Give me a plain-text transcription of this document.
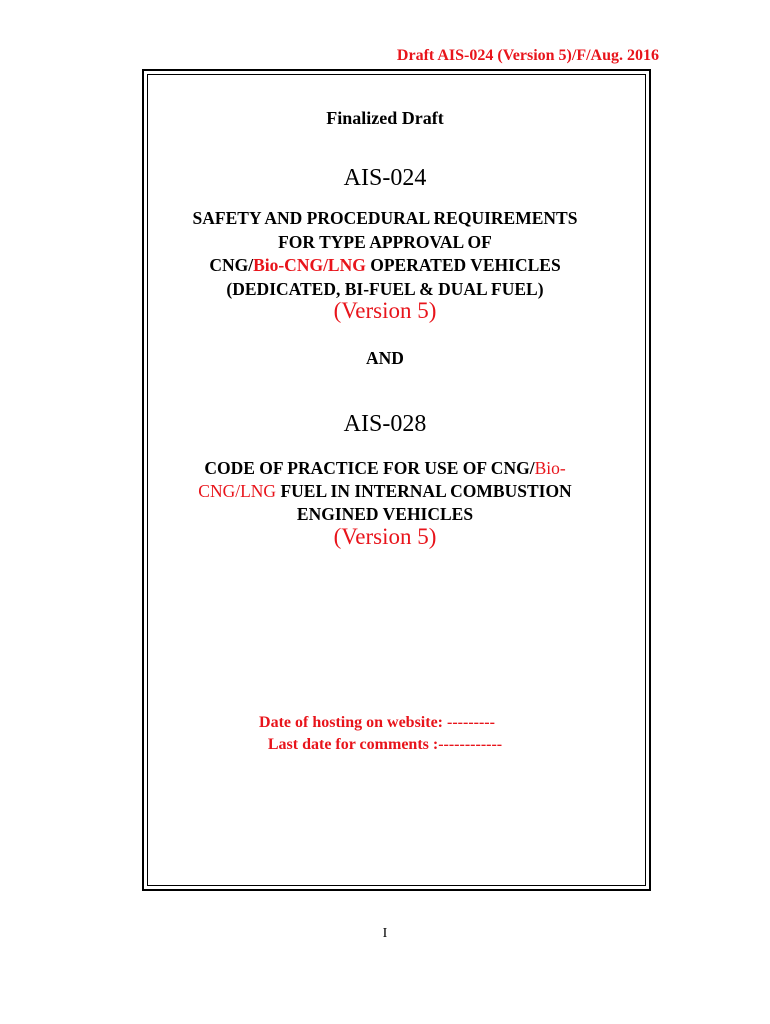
Draft AIS-024 (Version 5)/F/Aug. 2016
Finalized Draft
AIS-024
SAFETY AND PROCEDURAL REQUIREMENTS
FOR TYPE APPROVAL OF
CNG/Bio-CNG/LNG OPERATED VEHICLES
(DEDICATED, BI-FUEL & DUAL FUEL)
(Version 5)
AND
AIS-028
CODE OF PRACTICE FOR USE OF CNG/Bio-
CNG/LNG FUEL IN INTERNAL COMBUSTION
ENGINED VEHICLES
(Version 5)
Date of hosting on website: ---------
Last date for comments :------------
I
